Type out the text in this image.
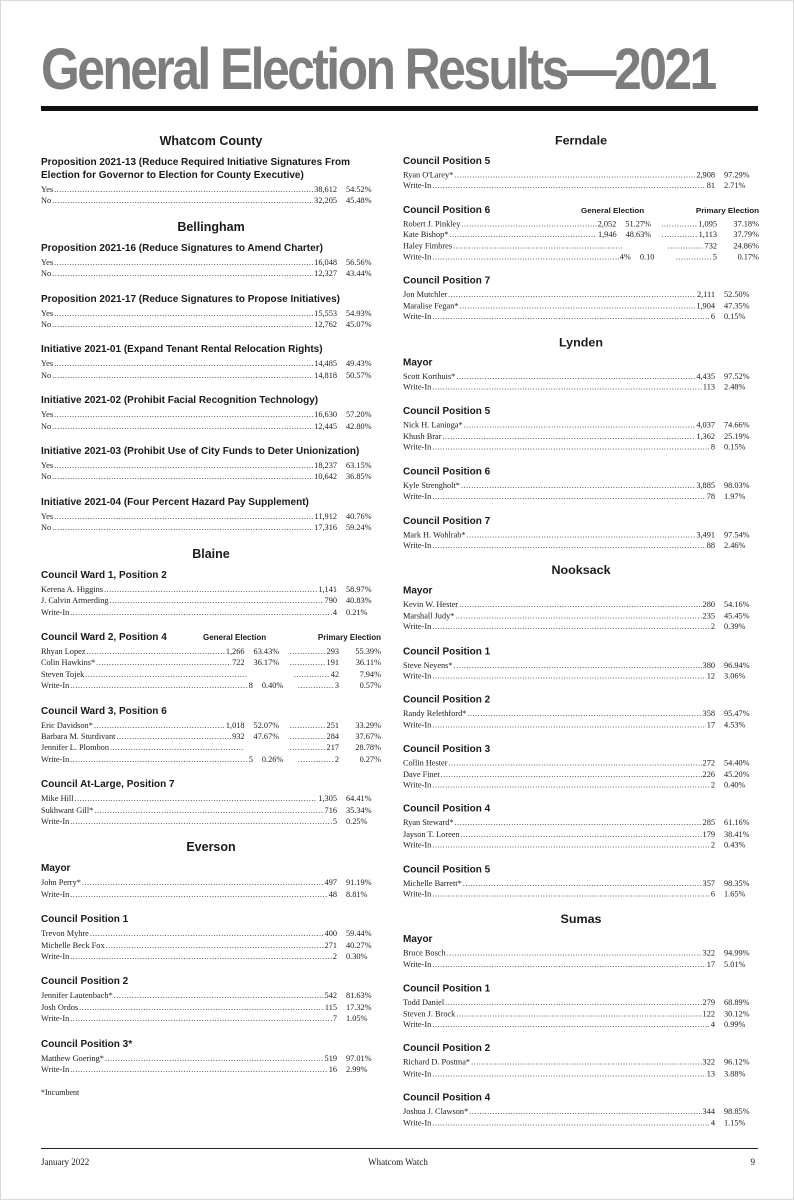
General Election Results—2021
Whatcom County
Proposition 2021-13 (Reduce Required Initiative Signatures From Election for Governor to Election for County Executive)
Yes .....	38,612	54.52%
No .....	32,205	45.48%
Bellingham
Proposition 2021-16 (Reduce Signatures to Amend Charter)
Yes .....	16,048	56.56%
No .....	12,327	43.44%
Proposition 2021-17 (Reduce Signatures to Propose Initiatives)
Yes .....	15,553	54.93%
No .....	12,762	45.07%
Initiative 2021-01 (Expand Tenant Rental Relocation Rights)
Yes .....	14,485	49.43%
No .....	14,818	50.57%
Initiative 2021-02 (Prohibit Facial Recognition Technology)
Yes .....	16,630	57.20%
No .....	12,445	42.80%
Initiative 2021-03 (Prohibit Use of City Funds to Deter Unionization)
Yes .....	18,237	63.15%
No .....	10,642	36.85%
Initiative 2021-04 (Four Percent Hazard Pay Supplement)
Yes .....	11,912	40.76%
No .....	17,316	59.24%
Blaine
Council Ward 1, Position 2
Kerena A. Higgins .....	1,141	58.97%
J. Calvin Armerding .....	790	40.83%
Write-In .....	4	0.21%
Council Ward 2, Position 4	General Election	Primary Election
Rhyan Lopez .....	1,266	63.43% .....	293	55.39%
Colin Hawkins* .....	722	36.17% .....	191	36.11%
Steven Tojek ..... .....	42	7.94%
Write-In .....	8	0.40% .....	3	0.57%
Council Ward 3, Position 6
Eric Davidson* .....	1,018	52.07% .....	251	33.29%
Barbara M. Sturdivant .....	932	47.67% .....	284	37.67%
Jennifer L. Plombon ..... .....	217	28.78%
Write-In .....	5	0.26% .....	2	0.27%
Council At-Large, Position 7
Mike Hill .....	1,305	64.41%
Sukhwant Gill* .....	716	35.34%
Write-In .....	5	0.25%
Everson
Mayor
John Perry* .....	497	91.19%
Write-In .....	48	8.81%
Council Position 1
Trevon Myhre .....	400	59.44%
Michelle Beck Fox .....	271	40.27%
Write-In .....	2	0.30%
Council Position 2
Jennifer Lautenbach* .....	542	81.63%
Josh Ordos .....	115	17.32%
Write-In .....	7	1.05%
Council Position 3*
Matthew Goering* .....	519	97.01%
Write-In .....	16	2.99%
*Incumbent
Ferndale
Council Position 5
Ryan O'Larey* .....	2,908	97.29%
Write-In .....	81	2.71%
Council Position 6	General Election	Primary Election
Robert J. Pinkley .....	2,052	51.27% .....	1,095	37.18%
Kate Bishop* .....	1,946	48.63% .....	1,113	37.79%
Haley Fimbres ..... .....	732	24.86%
Write-In .....	4%	0.10 .....	5	0.17%
Council Position 7
Jon Mutchler .....	2,111	52.50%
Maralise Fegan* .....	1,904	47.35%
Write-In .....	6	0.15%
Lynden
Mayor
Scott Korthuis* .....	4,435	97.52%
Write-In .....	113	2.48%
Council Position 5
Nick H. Laninga* .....	4,037	74.66%
Khush Brar .....	1,362	25.19%
Write-In .....	8	0.15%
Council Position 6
Kyle Strengholt* .....	3,885	98.03%
Write-In .....	78	1.97%
Council Position 7
Mark H. Wohlrab* .....	3,491	97.54%
Write-In .....	88	2.46%
Nooksack
Mayor
Kevin W. Hester .....	280	54.16%
Marshall Judy* .....	235	45.45%
Write-In .....	2	0.39%
Council Position 1
Steve Neyens* .....	380	96.94%
Write-In .....	12	3.06%
Council Position 2
Randy Relethford* .....	358	95.47%
Write-In .....	17	4.53%
Council Position 3
Collin Hester .....	272	54.40%
Dave Finet .....	226	45.20%
Write-In .....	2	0.40%
Council Position 4
Ryan Steward* .....	285	61.16%
Jayson T. Loreen .....	179	38.41%
Write-In .....	2	0.43%
Council Position 5
Michelle Barrett* .....	357	98.35%
Write-In .....	6	1.65%
Sumas
Mayor
Bruce Bosch .....	322	94.99%
Write-In .....	17	5.01%
Council Position 1
Todd Daniel .....	279	68.89%
Steven J. Brock .....	122	30.12%
Write-In .....	4	0.99%
Council Position 2
Richard D. Postma* .....	322	96.12%
Write-In .....	13	3.88%
Council Position 4
Joshua J. Clawson* .....	344	98.85%
Write-In .....	4	1.15%
January 2022	Whatcom Watch	9
